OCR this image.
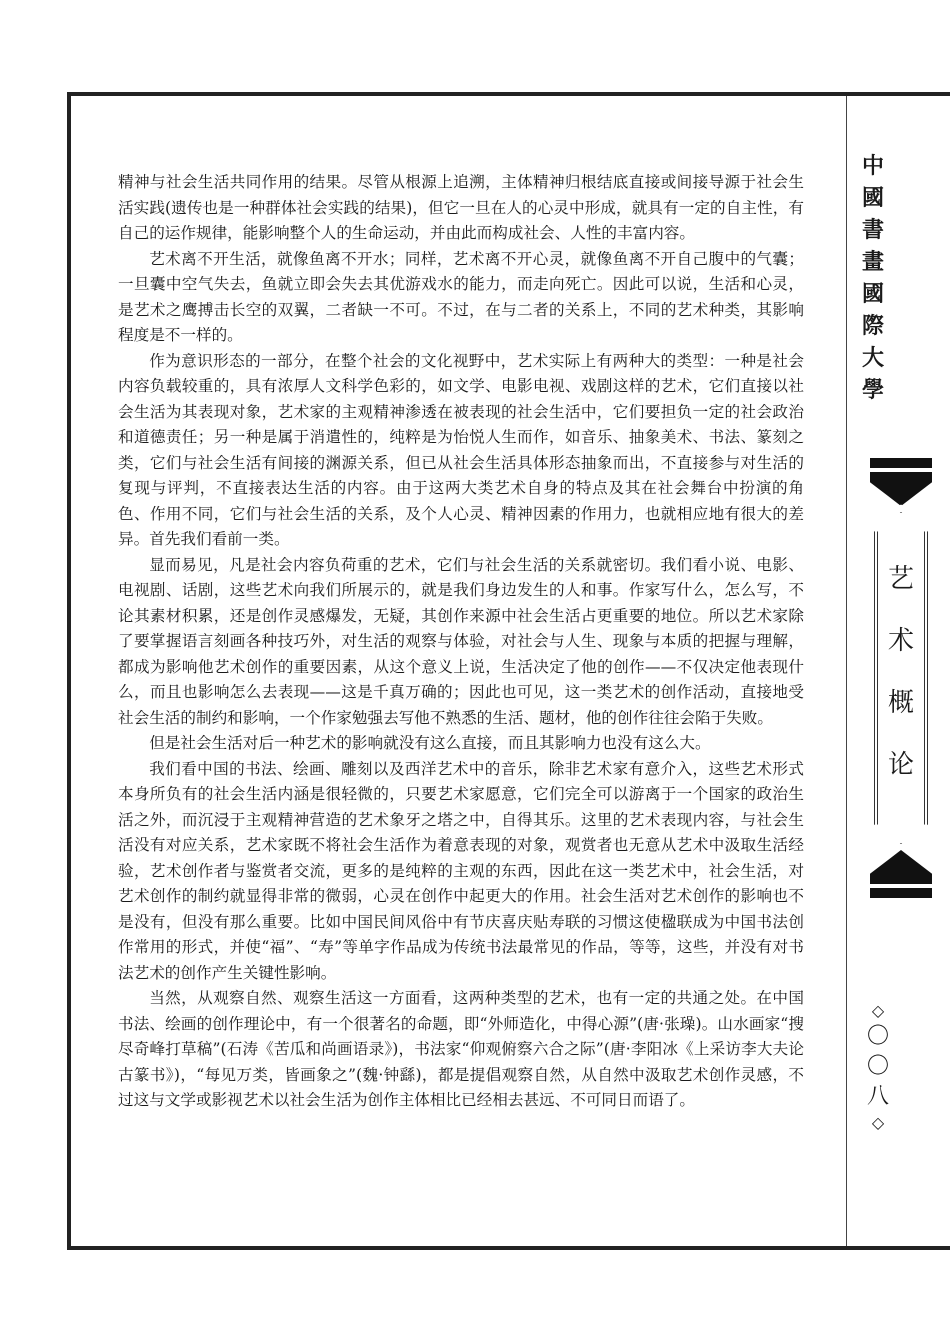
中
國
書
畫
國
際
大
學
艺
术
概
论
◇
〇
〇
八
◇

精神与社会生活共同作用的结果。尽管从根源上追溯，主体精神归根结底直接或间接导源于社会生活实践(遗传也是一种群体社会实践的结果)，但它一旦在人的心灵中形成，就具有一定的自主性，有自己的运作规律，能影响整个人的生命运动，并由此而构成社会、人性的丰富内容。

艺术离不开生活，就像鱼离不开水；同样，艺术离不开心灵，就像鱼离不开自己腹中的气囊；一旦囊中空气失去，鱼就立即会失去其优游戏水的能力，而走向死亡。因此可以说，生活和心灵，是艺术之鹰搏击长空的双翼，二者缺一不可。不过，在与二者的关系上，不同的艺术种类，其影响程度是不一样的。

作为意识形态的一部分，在整个社会的文化视野中，艺术实际上有两种大的类型：一种是社会内容负载较重的，具有浓厚人文科学色彩的，如文学、电影电视、戏剧这样的艺术，它们直接以社会生活为其表现对象，艺术家的主观精神渗透在被表现的社会生活中，它们要担负一定的社会政治和道德责任；另一种是属于消遣性的，纯粹是为怡悦人生而作，如音乐、抽象美术、书法、篆刻之类，它们与社会生活有间接的渊源关系，但已从社会生活具体形态抽象而出，不直接参与对生活的复现与评判，不直接表达生活的内容。由于这两大类艺术自身的特点及其在社会舞台中扮演的角色、作用不同，它们与社会生活的关系，及个人心灵、精神因素的作用力，也就相应地有很大的差异。首先我们看前一类。

显而易见，凡是社会内容负荷重的艺术，它们与社会生活的关系就密切。我们看小说、电影、电视剧、话剧，这些艺术向我们所展示的，就是我们身边发生的人和事。作家写什么，怎么写，不论其素材积累，还是创作灵感爆发，无疑，其创作来源中社会生活占更重要的地位。所以艺术家除了要掌握语言刻画各种技巧外，对生活的观察与体验，对社会与人生、现象与本质的把握与理解，都成为影响他艺术创作的重要因素，从这个意义上说，生活决定了他的创作——不仅决定他表现什么，而且也影响怎么去表现——这是千真万确的；因此也可见，这一类艺术的创作活动，直接地受社会生活的制约和影响，一个作家勉强去写他不熟悉的生活、题材，他的创作往往会陷于失败。

但是社会生活对后一种艺术的影响就没有这么直接，而且其影响力也没有这么大。

我们看中国的书法、绘画、雕刻以及西洋艺术中的音乐，除非艺术家有意介入，这些艺术形式本身所负有的社会生活内涵是很轻微的，只要艺术家愿意，它们完全可以游离于一个国家的政治生活之外，而沉浸于主观精神营造的艺术象牙之塔之中，自得其乐。这里的艺术表现内容，与社会生活没有对应关系，艺术家既不将社会生活作为着意表现的对象，观赏者也无意从艺术中汲取生活经验，艺术创作者与鉴赏者交流，更多的是纯粹的主观的东西，因此在这一类艺术中，社会生活，对艺术创作的制约就显得非常的微弱，心灵在创作中起更大的作用。社会生活对艺术创作的影响也不是没有，但没有那么重要。比如中国民间风俗中有节庆喜庆贴寿联的习惯这使楹联成为中国书法创作常用的形式，并使“福”、“寿”等单字作品成为传统书法最常见的作品，等等，这些，并没有对书法艺术的创作产生关键性影响。

当然，从观察自然、观察生活这一方面看，这两种类型的艺术，也有一定的共通之处。在中国书法、绘画的创作理论中，有一个很著名的命题，即“外师造化，中得心源”(唐·张璪)。山水画家“搜尽奇峰打草稿”(石涛《苦瓜和尚画语录》)，书法家“仰观俯察六合之际”(唐·李阳冰《上采访李大夫论古篆书》)，“每见万类，皆画象之”(魏·钟繇)，都是提倡观察自然，从自然中汲取艺术创作灵感，不过这与文学或影视艺术以社会生活为创作主体相比已经相去甚远、不可同日而语了。
